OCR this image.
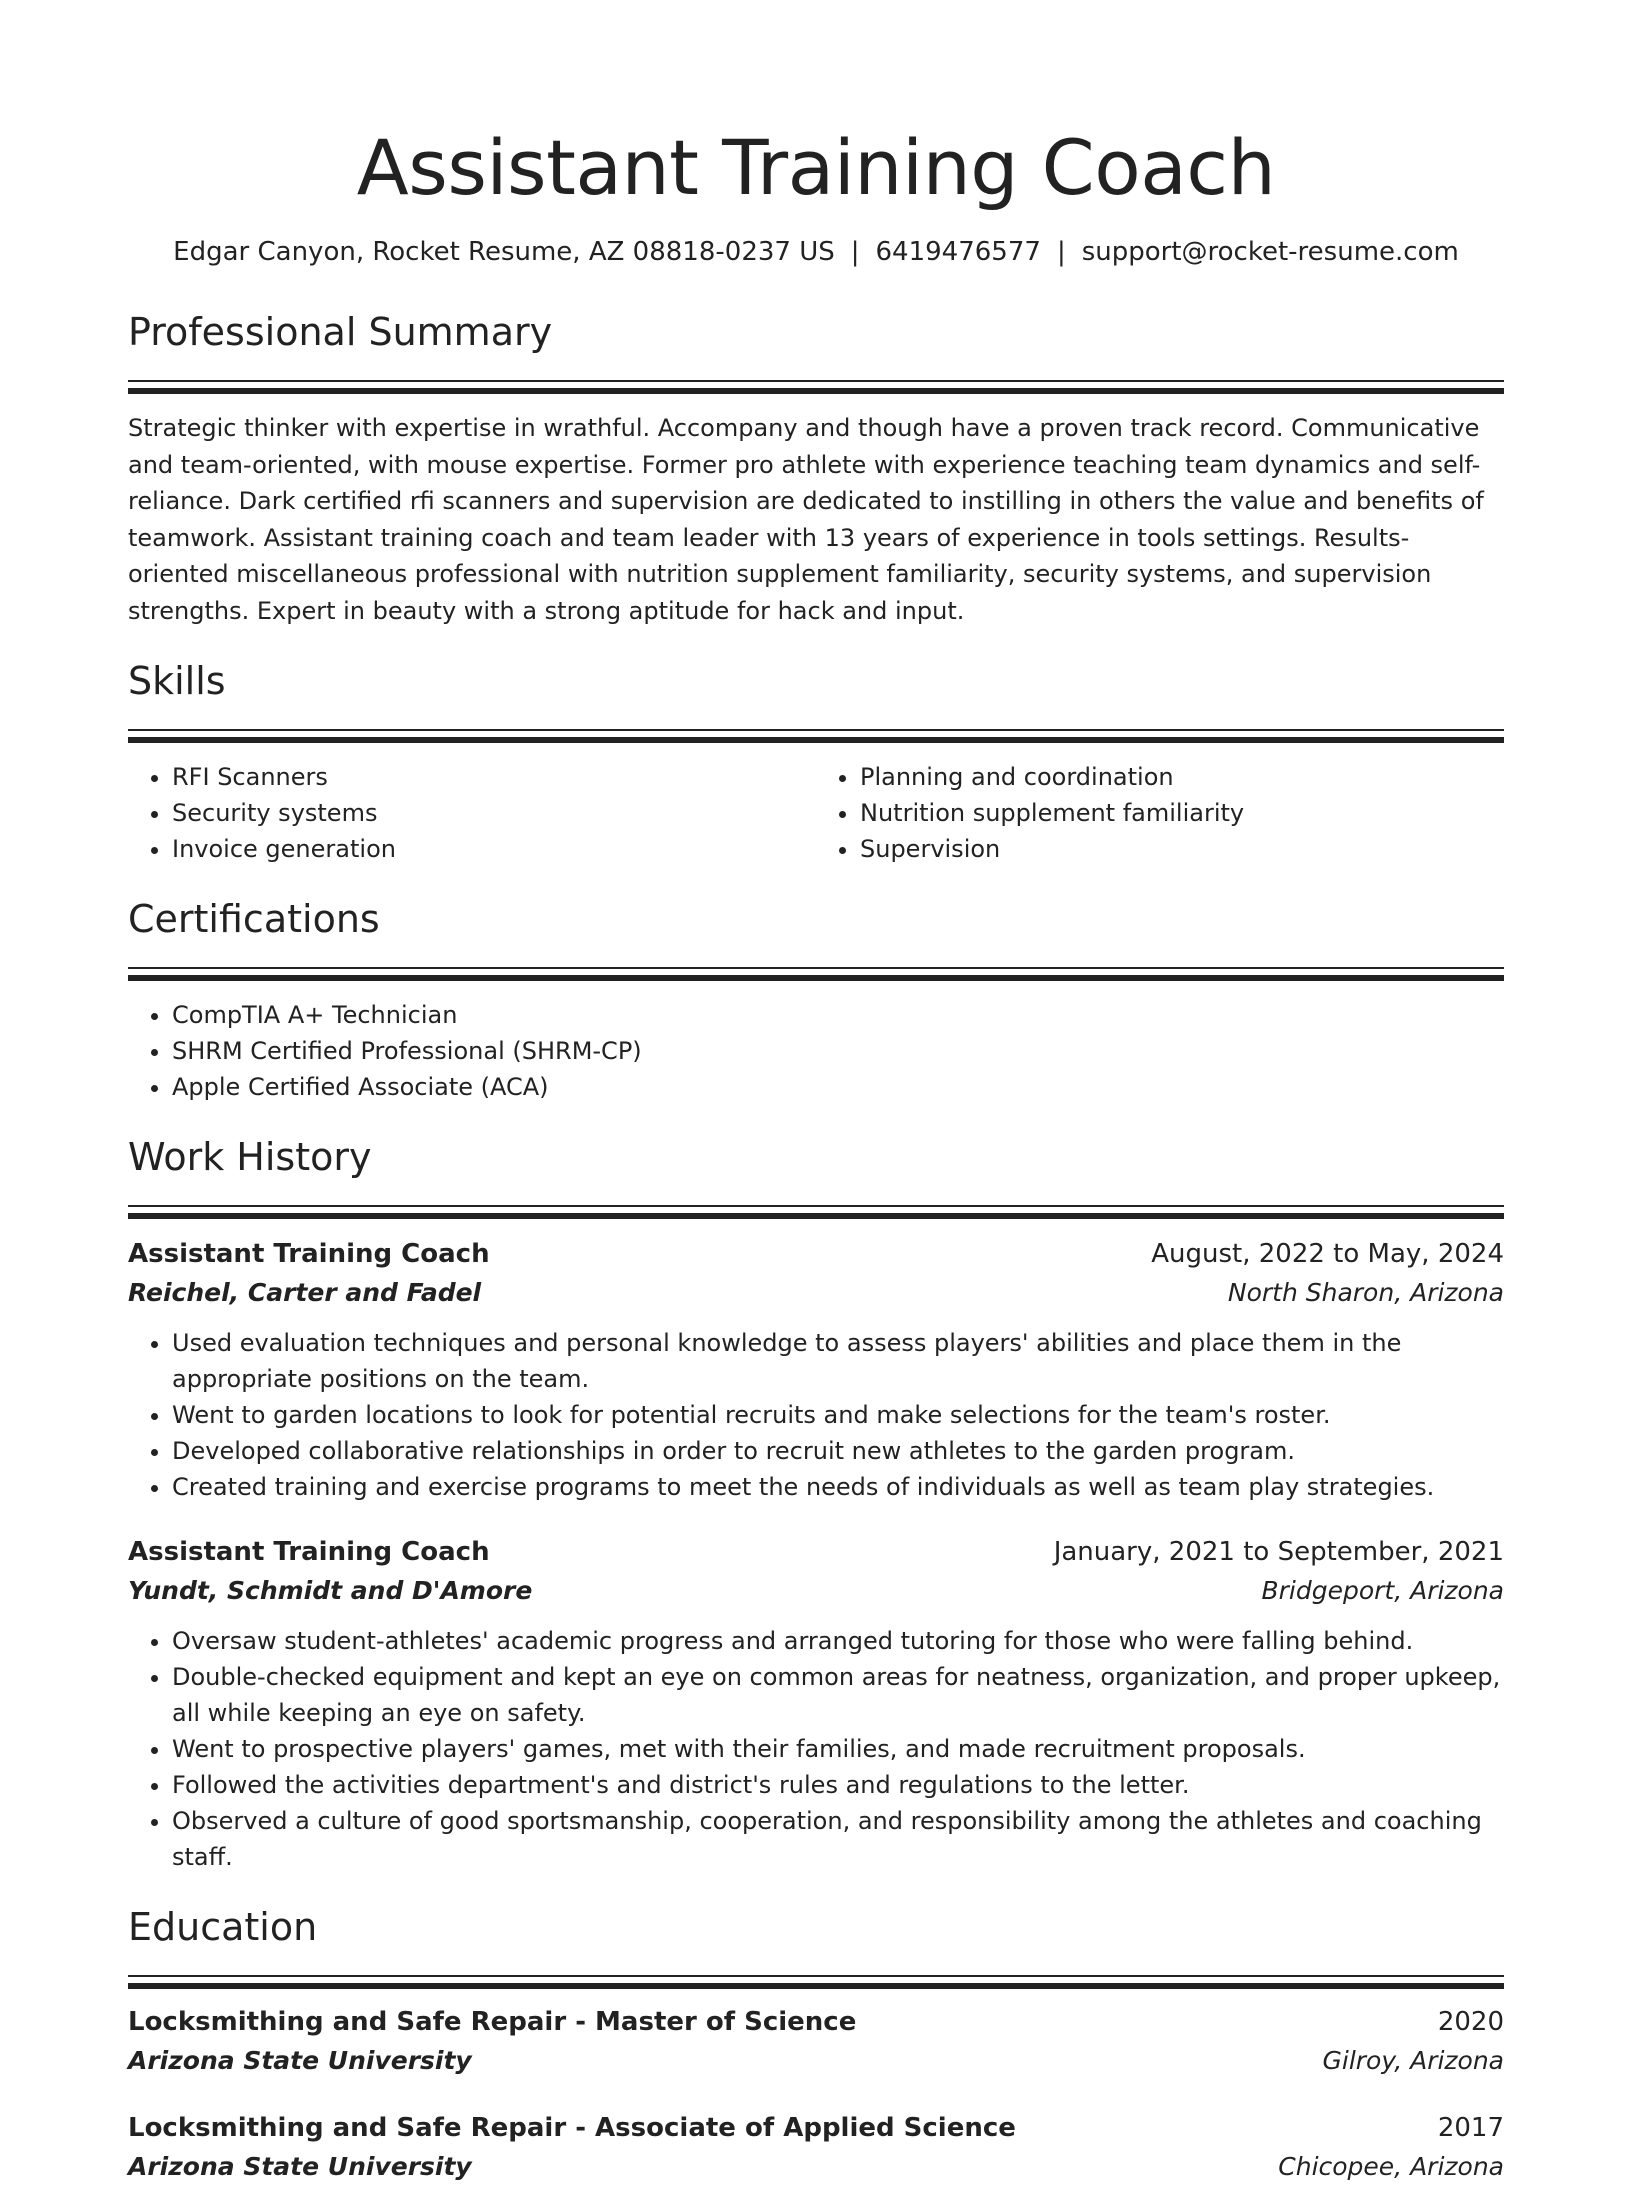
Assistant Training Coach
Edgar Canyon, Rocket Resume, AZ 08818-0237 US | 6419476577 | support@rocket-resume.com
Professional Summary

Strategic thinker with expertise in wrathful. Accompany and though have a proven track record. Communicative and team-oriented, with mouse expertise. Former pro athlete with experience teaching team dynamics and self-reliance. Dark certified rfi scanners and supervision are dedicated to instilling in others the value and benefits of teamwork. Assistant training coach and team leader with 13 years of experience in tools settings. Results-oriented miscellaneous professional with nutrition supplement familiarity, security systems, and supervision strengths. Expert in beauty with a strong aptitude for hack and input.

Skills
• RFI Scanners
• Security systems
• Invoice generation
• Planning and coordination
• Nutrition supplement familiarity
• Supervision
Certifications
• CompTIA A+ Technician
• SHRM Certified Professional (SHRM-CP)
• Apple Certified Associate (ACA)
Work History
Assistant Training Coach	August, 2022 to May, 2024
Reichel, Carter and Fadel	North Sharon, Arizona
• Used evaluation techniques and personal knowledge to assess players' abilities and place them in the appropriate positions on the team.
• Went to garden locations to look for potential recruits and make selections for the team's roster.
• Developed collaborative relationships in order to recruit new athletes to the garden program.
• Created training and exercise programs to meet the needs of individuals as well as team play strategies.
Assistant Training Coach	January, 2021 to September, 2021
Yundt, Schmidt and D'Amore	Bridgeport, Arizona
• Oversaw student-athletes' academic progress and arranged tutoring for those who were falling behind.
• Double-checked equipment and kept an eye on common areas for neatness, organization, and proper upkeep, all while keeping an eye on safety.
• Went to prospective players' games, met with their families, and made recruitment proposals.
• Followed the activities department's and district's rules and regulations to the letter.
• Observed a culture of good sportsmanship, cooperation, and responsibility among the athletes and coaching staff.
Education
Locksmithing and Safe Repair - Master of Science	2020
Arizona State University	Gilroy, Arizona
Locksmithing and Safe Repair - Associate of Applied Science	2017
Arizona State University	Chicopee, Arizona
